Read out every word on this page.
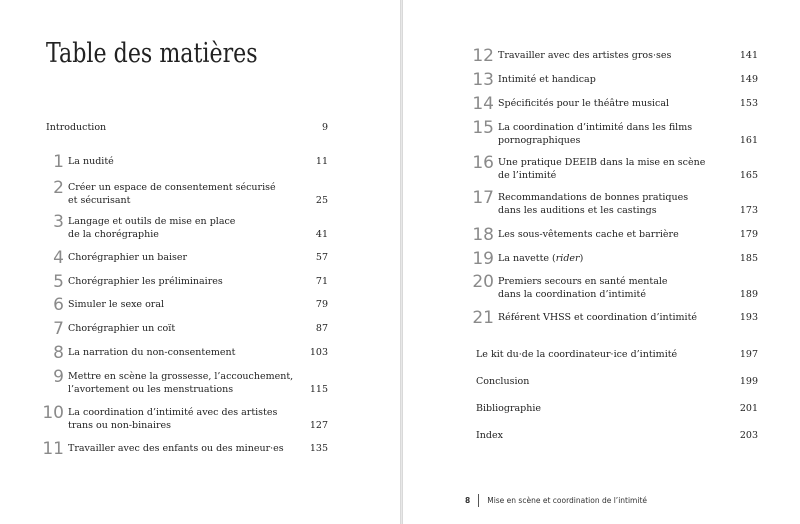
Table des matières
Introduction	9
1 La nudité	11
2 Créer un espace de consentement sécurisé
et sécurisant	25
3 Langage et outils de mise en place
de la chorégraphie	41
4 Chorégraphier un baiser	57
5 Chorégraphier les préliminaires	71
6 Simuler le sexe oral	79
7 Chorégraphier un coït	87
8 La narration du non-consentement	103
9 Mettre en scène la grossesse, l’accouchement,
l’avortement ou les menstruations	115
10 La coordination d’intimité avec des artistes
trans ou non-binaires	127
11 Travailler avec des enfants ou des mineur·es	135
12 Travailler avec des artistes gros·ses	141
13 Intimité et handicap	149
14 Spécificités pour le théâtre musical	153
15 La coordination d’intimité dans les films
pornographiques	161
16 Une pratique DEEIB dans la mise en scène
de l’intimité	165
17 Recommandations de bonnes pratiques
dans les auditions et les castings	173
18 Les sous-vêtements cache et barrière	179
19 La navette (rider)	185
20 Premiers secours en santé mentale
dans la coordination d’intimité	189
21 Référent VHSS et coordination d’intimité	193
Le kit du·de la coordinateur·ice d’intimité	197
Conclusion	199
Bibliographie	201
Index	203
8 Mise en scène et coordination de l’intimité
